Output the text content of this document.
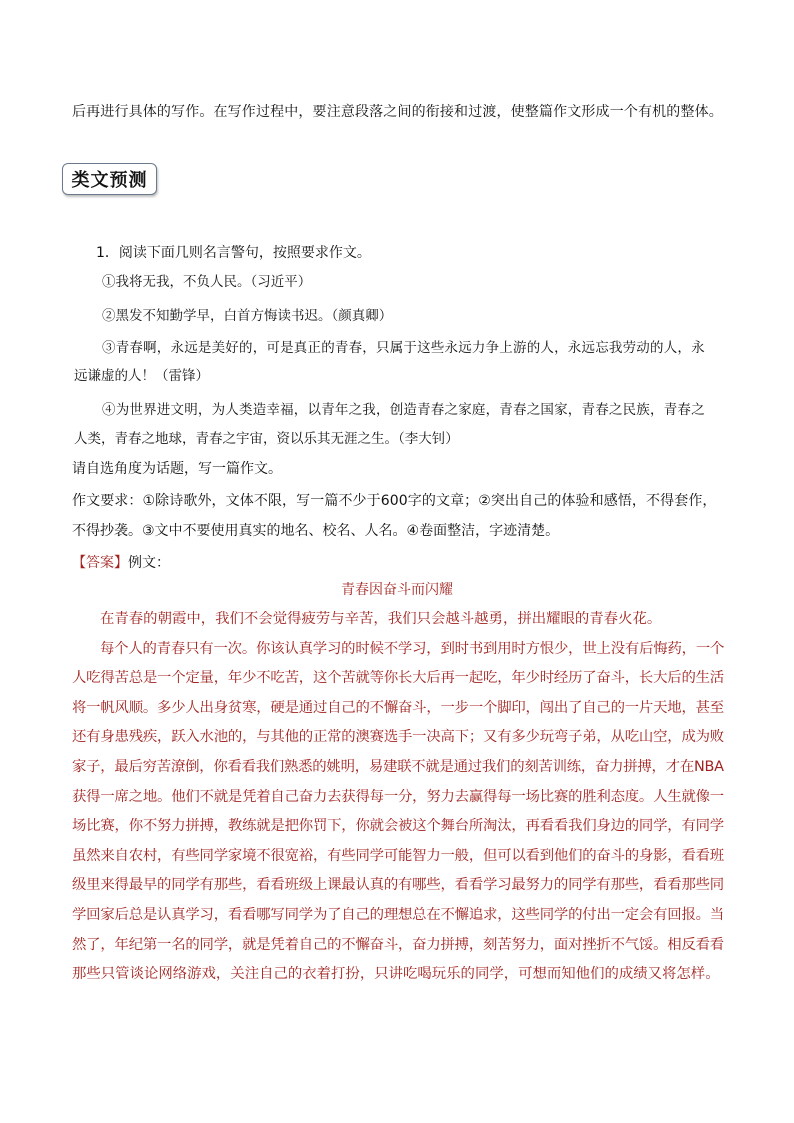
后再进行具体的写作。在写作过程中，要注意段落之间的衔接和过渡，使整篇作文形成一个有机的整体。
类文预测
1．阅读下面几则名言警句，按照要求作文。
①我将无我，不负人民。（习近平）
②黑发不知勤学早，白首方悔读书迟。（颜真卿）
③青春啊，永远是美好的，可是真正的青春，只属于这些永远力争上游的人，永远忘我劳动的人，永
远谦虚的人！（雷锋）
④为世界进文明，为人类造幸福，以青年之我，创造青春之家庭，青春之国家，青春之民族，青春之
人类，青春之地球，青春之宇宙，资以乐其无涯之生。（李大钊）
请自选角度为话题，写一篇作文。
作文要求：①除诗歌外，文体不限，写一篇不少于600字的文章；②突出自己的体验和感悟，不得套作，
不得抄袭。③文中不要使用真实的地名、校名、人名。④卷面整洁，字迹清楚。
【答案】例文：
青春因奋斗而闪耀

在青春的朝霞中，我们不会觉得疲劳与辛苦，我们只会越斗越勇，拼出耀眼的青春火花。

每个人的青春只有一次。你该认真学习的时候不学习，到时书到用时方恨少，世上没有后悔药，一个

人吃得苦总是一个定量，年少不吃苦，这个苦就等你长大后再一起吃，年少时经历了奋斗，长大后的生活

将一帆风顺。多少人出身贫寒，硬是通过自己的不懈奋斗，一步一个脚印，闯出了自己的一片天地，甚至

还有身患残疾，跃入水池的，与其他的正常的澳赛选手一决高下；又有多少玩弯子弟，从吃山空，成为败

家子，最后穷苦潦倒，你看看我们熟悉的姚明，易建联不就是通过我们的刻苦训练，奋力拼搏，才在NBA

获得一席之地。他们不就是凭着自己奋力去获得每一分，努力去赢得每一场比赛的胜利态度。人生就像一

场比赛，你不努力拼搏，教练就是把你罚下，你就会被这个舞台所淘汰，再看看我们身边的同学，有同学

虽然来自农村，有些同学家境不很宽裕，有些同学可能智力一般，但可以看到他们的奋斗的身影，看看班

级里来得最早的同学有那些，看看班级上课最认真的有哪些，看看学习最努力的同学有那些，看看那些同

学回家后总是认真学习，看看哪写同学为了自己的理想总在不懈追求，这些同学的付出一定会有回报。当

然了，年纪第一名的同学，就是凭着自己的不懈奋斗，奋力拼搏，刻苦努力，面对挫折不气馁。相反看看

那些只管谈论网络游戏，关注自己的衣着打扮，只讲吃喝玩乐的同学，可想而知他们的成绩又将怎样。
